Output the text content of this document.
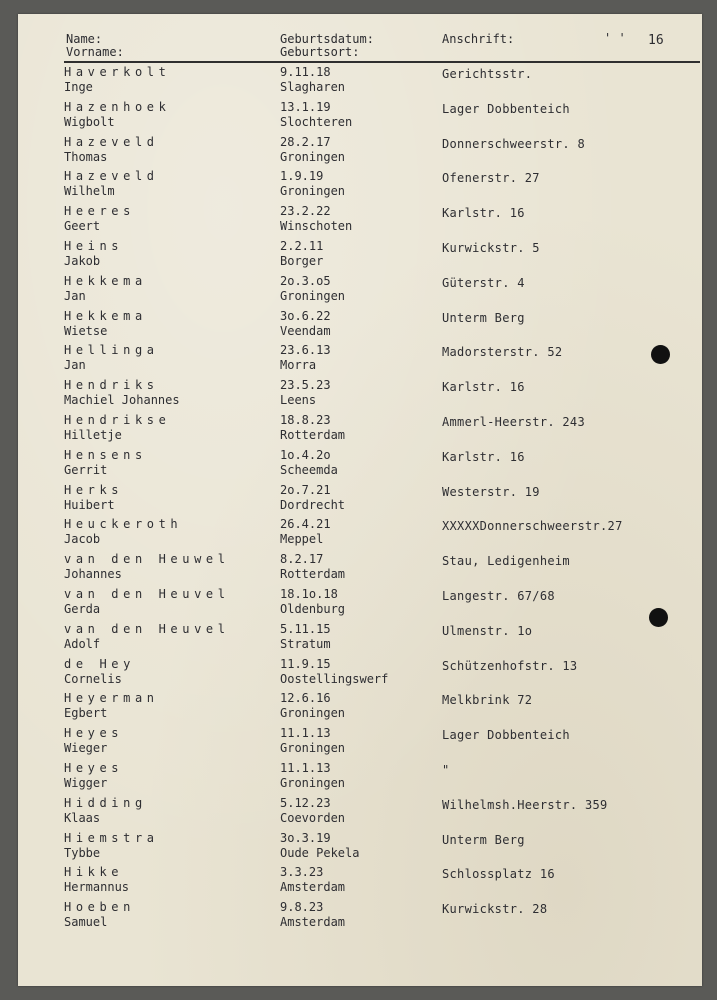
Name:
Vorname:
Geburtsdatum:
Geburtsort:
Anschrift:	' ' 16
Haverkolt
Inge
9.11.18
Slagharen
Gerichtsstr.
Hazenhoek
Wigbolt
13.1.19
Slochteren
Lager Dobbenteich
Hazeveld
Thomas
28.2.17
Groningen
Donnerschweerstr. 8
Hazeveld
Wilhelm
1.9.19
Groningen
Ofenerstr. 27
Heeres
Geert
23.2.22
Winschoten
Karlstr. 16
Heins
Jakob
2.2.11
Borger
Kurwickstr. 5
Hekkema
Jan
2o.3.o5
Groningen
Güterstr. 4
Hekkema
Wietse
3o.6.22
Veendam
Unterm Berg
Hellinga
Jan
23.6.13
Morra
Madorsterstr. 52
Hendriks
Machiel Johannes
23.5.23
Leens
Karlstr. 16
Hendrikse
Hilletje
18.8.23
Rotterdam
Ammerl-Heerstr. 243
Hensens
Gerrit
1o.4.2o
Scheemda
Karlstr. 16
Herks
Huibert
2o.7.21
Dordrecht
Westerstr. 19
Heuckeroth
Jacob
26.4.21
Meppel
XXXXXDonnerschweerstr.27
van den Heuwel
Johannes
8.2.17
Rotterdam
Stau, Ledigenheim
van den Heuvel
Gerda
18.1o.18
Oldenburg
Langestr. 67/68
van den Heuvel
Adolf
5.11.15
Stratum
Ulmenstr. 1o
de Hey
Cornelis
11.9.15
Oostellingswerf
Schützenhofstr. 13
Heyerman
Egbert
12.6.16
Groningen
Melkbrink 72
Heyes
Wieger
11.1.13
Groningen
Lager Dobbenteich
Heyes
Wigger
11.1.13
Groningen
"
Hidding
Klaas
5.12.23
Coevorden
Wilhelmsh.Heerstr. 359
Hiemstra
Tybbe
3o.3.19
Oude Pekela
Unterm Berg
Hikke
Hermannus
3.3.23
Amsterdam
Schlossplatz 16
Hoeben
Samuel
9.8.23
Amsterdam
Kurwickstr. 28
